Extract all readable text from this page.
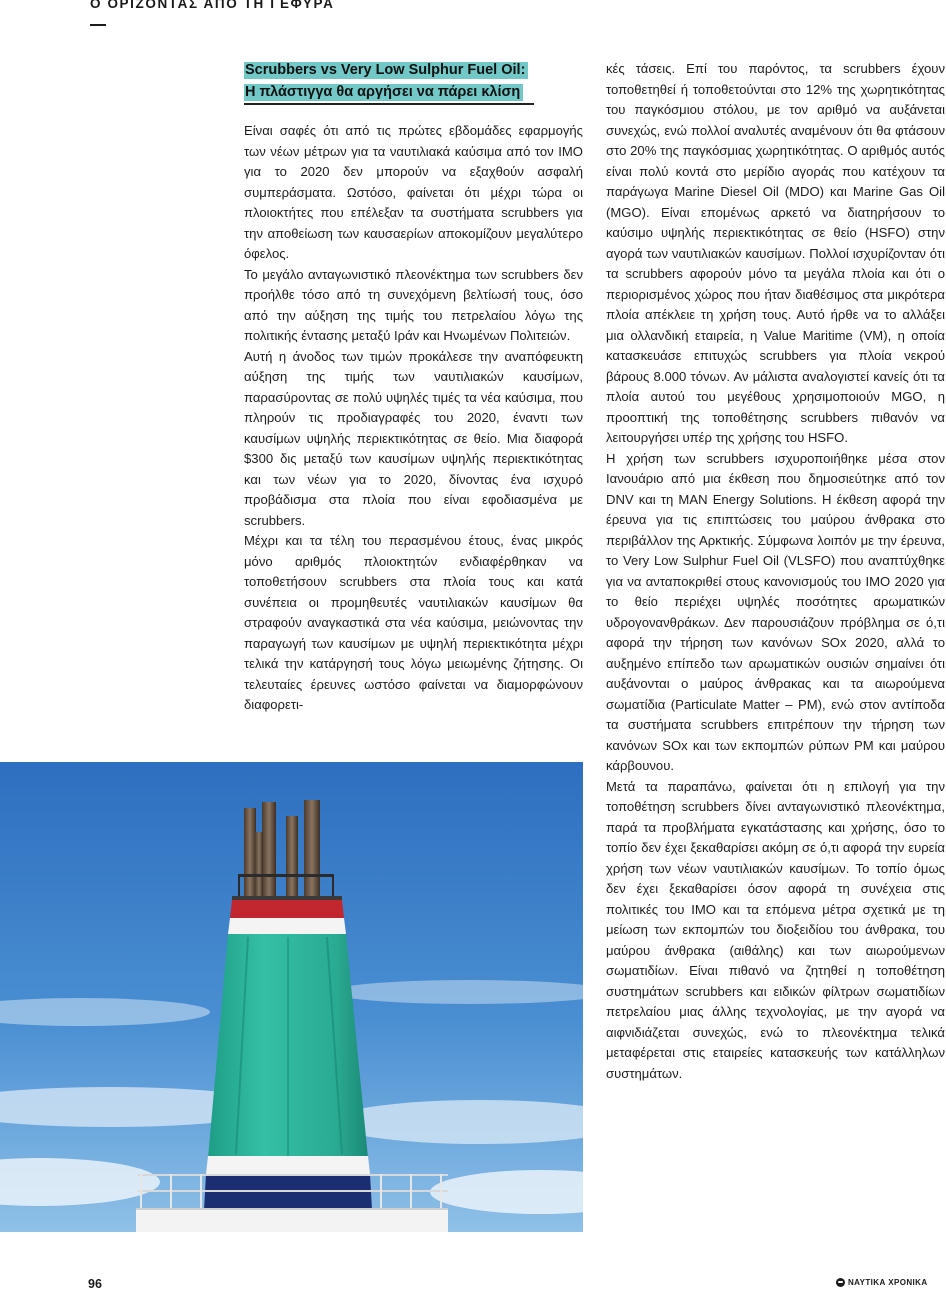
Ο ΟΡΙΖΟΝΤΑΣ ΑΠΟ ΤΗ ΓΕΦΥΡΑ
Scrubbers vs Very Low Sulphur Fuel Oil:
Η πλάστιγγα θα αργήσει να πάρει κλίση

Είναι σαφές ότι από τις πρώτες εβδομάδες εφαρμογής των νέων μέτρων για τα ναυτιλιακά καύσιμα από τον ΙΜΟ για το 2020 δεν μπορούν να εξαχθούν ασφαλή συμπεράσματα. Ωστόσο, φαίνεται ότι μέχρι τώρα οι πλοιοκτήτες που επέλεξαν τα συστήματα scrubbers για την αποθείωση των καυσαερίων αποκομίζουν μεγαλύτερο όφελος.

Το μεγάλο ανταγωνιστικό πλεονέκτημα των scrubbers δεν προήλθε τόσο από τη συνεχόμενη βελτίωσή τους, όσο από την αύξηση της τιμής του πετρελαίου λόγω της πολιτικής έντασης μεταξύ Ιράν και Ηνωμένων Πολιτειών.

Αυτή η άνοδος των τιμών προκάλεσε την αναπόφευκτη αύξηση της τιμής των ναυτιλιακών καυσίμων, παρασύροντας σε πολύ υψηλές τιμές τα νέα καύσιμα, που πληρούν τις προδιαγραφές του 2020, έναντι των καυσίμων υψηλής περιεκτικότητας σε θείο. Μια διαφορά $300 δις μεταξύ των καυσίμων υψηλής περιεκτικότητας και των νέων για το 2020, δίνοντας ένα ισχυρό προβάδισμα στα πλοία που είναι εφοδιασμένα με scrubbers.

Μέχρι και τα τέλη του περασμένου έτους, ένας μικρός μόνο αριθμός πλοιοκτητών ενδιαφέρθηκαν να τοποθετήσουν scrubbers στα πλοία τους και κατά συνέπεια οι προμηθευτές ναυτιλιακών καυσίμων θα στραφούν αναγκαστικά στα νέα καύσιμα, μειώνοντας την παραγωγή των καυσίμων με υψηλή περιεκτικότητα μέχρι τελικά την κατάργησή τους λόγω μειωμένης ζήτησης. Οι τελευταίες έρευνες ωστόσο φαίνεται να διαμορφώνουν διαφορετι-

κές τάσεις. Επί του παρόντος, τα scrubbers έχουν τοποθετηθεί ή τοποθετούνται στο 12% της χωρητικότητας του παγκόσμιου στόλου, με τον αριθμό να αυξάνεται συνεχώς, ενώ πολλοί αναλυτές αναμένουν ότι θα φτάσουν στο 20% της παγκόσμιας χωρητικότητας. Ο αριθμός αυτός είναι πολύ κοντά στο μερίδιο αγοράς που κατέχουν τα παράγωγα Marine Diesel Oil (MDO) και Marine Gas Oil (MGO). Είναι επομένως αρκετό να διατηρήσουν το καύσιμο υψηλής περιεκτικότητας σε θείο (HSFO) στην αγορά των ναυτιλιακών καυσίμων. Πολλοί ισχυρίζονταν ότι τα scrubbers αφορούν μόνο τα μεγάλα πλοία και ότι ο περιορισμένος χώρος που ήταν διαθέσιμος στα μικρότερα πλοία απέκλειε τη χρήση τους. Αυτό ήρθε να το αλλάξει μια ολλανδική εταιρεία, η Value Maritime (VM), η οποία κατασκευάσε επιτυχώς scrubbers για πλοία νεκρού βάρους 8.000 τόνων. Αν μάλιστα αναλογιστεί κανείς ότι τα πλοία αυτού του μεγέθους χρησιμοποιούν MGO, η προοπτική της τοποθέτησης scrubbers πιθανόν να λειτουργήσει υπέρ της χρήσης του HSFO.

Η χρήση των scrubbers ισχυροποιήθηκε μέσα στον Ιανουάριο από μια έκθεση που δημοσιεύτηκε από τον DNV και τη MAN Energy Solutions. Η έκθεση αφορά την έρευνα για τις επιπτώσεις του μαύρου άνθρακα στο περιβάλλον της Αρκτικής. Σύμφωνα λοιπόν με την έρευνα, το Very Low Sulphur Fuel Oil (VLSFO) που αναπτύχθηκε για να ανταποκριθεί στους κανονισμούς του ΙΜΟ 2020 για το θείο περιέχει υψηλές ποσότητες αρωματικών υδρογονανθράκων. Δεν παρουσιάζουν πρόβλημα σε ό,τι αφορά την τήρηση των κανόνων SOx 2020, αλλά το αυξημένο επίπεδο των αρωματικών ουσιών σημαίνει ότι αυξάνονται ο μαύρος άνθρακας και τα αιωρούμενα σωματίδια (Particulate Matter – PM), ενώ στον αντίποδα τα συστήματα scrubbers επιτρέπουν την τήρηση των κανόνων SOx και των εκπομπών ρύπων PM και μαύρου κάρβουνου.

Μετά τα παραπάνω, φαίνεται ότι η επιλογή για την τοποθέτηση scrubbers δίνει ανταγωνιστικό πλεονέκτημα, παρά τα προβλήματα εγκατάστασης και χρήσης, όσο το τοπίο δεν έχει ξεκαθαρίσει ακόμη σε ό,τι αφορά την ευρεία χρήση των νέων ναυτιλιακών καυσίμων. Το τοπίο όμως δεν έχει ξεκαθαρίσει όσον αφορά τη συνέχεια στις πολιτικές του ΙΜΟ και τα επόμενα μέτρα σχετικά με τη μείωση των εκπομπών του διοξειδίου του άνθρακα, του μαύρου άνθρακα (αιθάλης) και των αιωρούμενων σωματιδίων. Είναι πιθανό να ζητηθεί η τοποθέτηση συστημάτων scrubbers και ειδικών φίλτρων σωματιδίων πετρελαίου μιας άλλης τεχνολογίας, με την αγορά να αιφνιδιάζεται συνεχώς, ενώ το πλεονέκτημα τελικά μεταφέρεται στις εταιρείες κατασκευής των κατάλληλων συστημάτων.

96	ΝΑΥΤΙΚΑ ΧΡΟΝΙΚΑ
